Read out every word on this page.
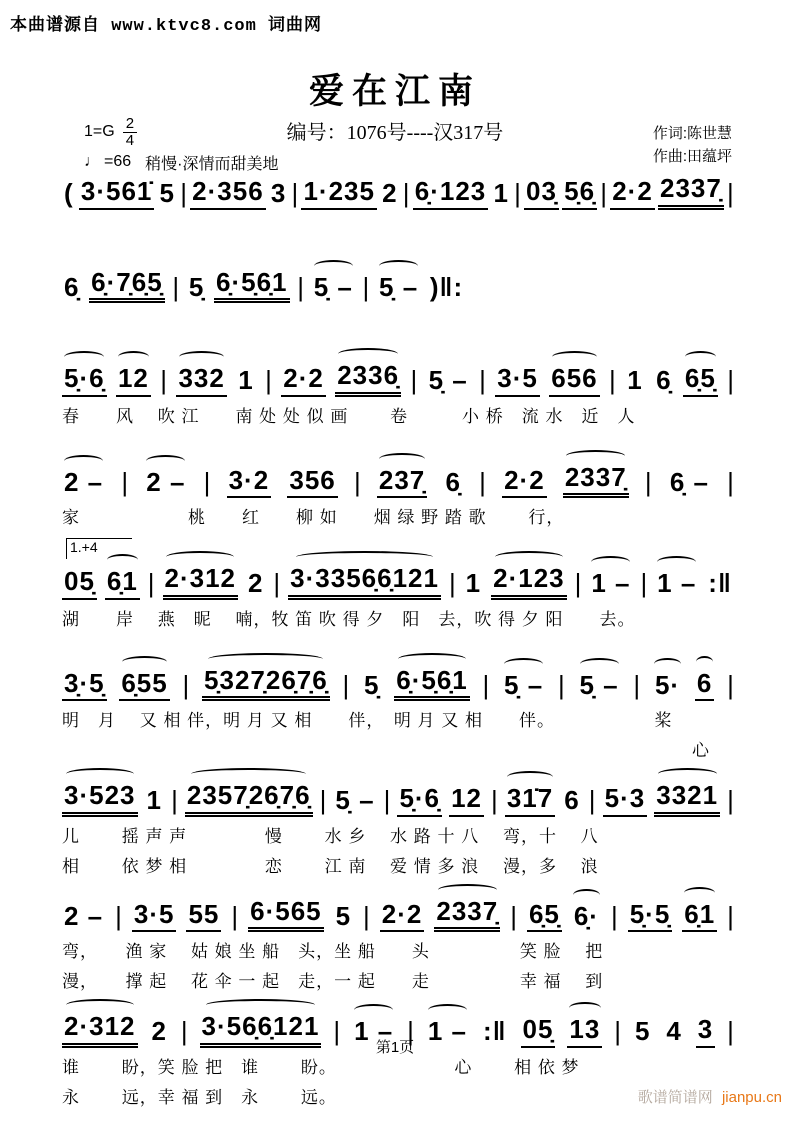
本曲谱源自 www.ktvc8.com 词曲网
爱在江南
编号：1076号----汉317号	作词:陈世慧
作曲:田蕴坪
$1=G \frac{2}{4}$
♩ =66 稍慢·深情而甜美地
( 3·561̇ 5 | 2·356 3 | 1·235 2 | 6̣·123 1 | 03̣ 5̣6̣ | 2·2 2337̣ |
6̣ 6̣·7̣6̣5̣ | 5̣ 6̣·5̣6̣1 | 5̣ – | 5̣ – )‖:
5̣·6̣ 12 | 332 1 | 2·2 2336̣ | 5̣ – | 3·5 656 | 1 6̣ 6̣5̣ |
春　　风　 吹 江　　南 处 处 似 画　　 卷　　　小 桥　流 水　近　人
2 – | 2 – | 3·2 356 | 237̣ 6̣ | 2·2 2337̣ | 6̣ – |
家　　　　　　桃　　红　　柳 如　　烟 绿 野 踏 歌　　 行，
1.+4
05̣ 6̣1 | 2·312 2 | 3·3356̣6̣121 | 1 2·123 | 1 – | 1 – :‖
湖　　岸　 燕　昵　 喃，牧 笛 吹 得 夕　阳　去，吹 得 夕 阳　　去。
3̣·5̣ 6̣55 | 5̣327̣26̣7̣6̣ | 5̣ 6̣·5̣6̣1 | 5̣ – | 5̣ – | 5· 6 |
明　月　 又 相 伴，明 月 又 相　　伴，　明 月 又 相　　伴。　　　　　　桨
　　　　　　　　　　　　　　　　　　　　　　　　　　　　　　　　　　　心
3·523 1 | 2357̣26̣7̣6̣ | 5̣ – | 5̣·6̣ 12 | 31̇7 6 | 5·3 3321 |
儿　　 摇 声 声　　　　 慢　　 水 乡　 水 路 十 八　 弯，十　 八
相　　 依 梦 相　　　　 恋　　 江 南　 爱 情 多 浪　 漫，多　 浪
2 – | 3·5 55 | 6·565 5 | 2·2 2337̣ | 6̣5̣ 6̣· | 5̣·5̣ 6̣1 |
弯，　　渔 家　 姑 娘 坐 船　头，坐 船　　头　　　　　笑 脸　 把
漫，　　撑 起　 花 伞 一 起　走，一 起　　走　　　　　幸 福　 到
2·312 2 | 3·56̣6̣121 | 1 – | 1 – :‖ 05̣ 13 | 5 4 3 |
谁　　 盼，笑 脸 把　谁　　 盼。　　　　　　　心　　 相 依 梦
永　　 远，幸 福 到　永　　 远。
第1页
歌谱简谱网 jianpu.cn
